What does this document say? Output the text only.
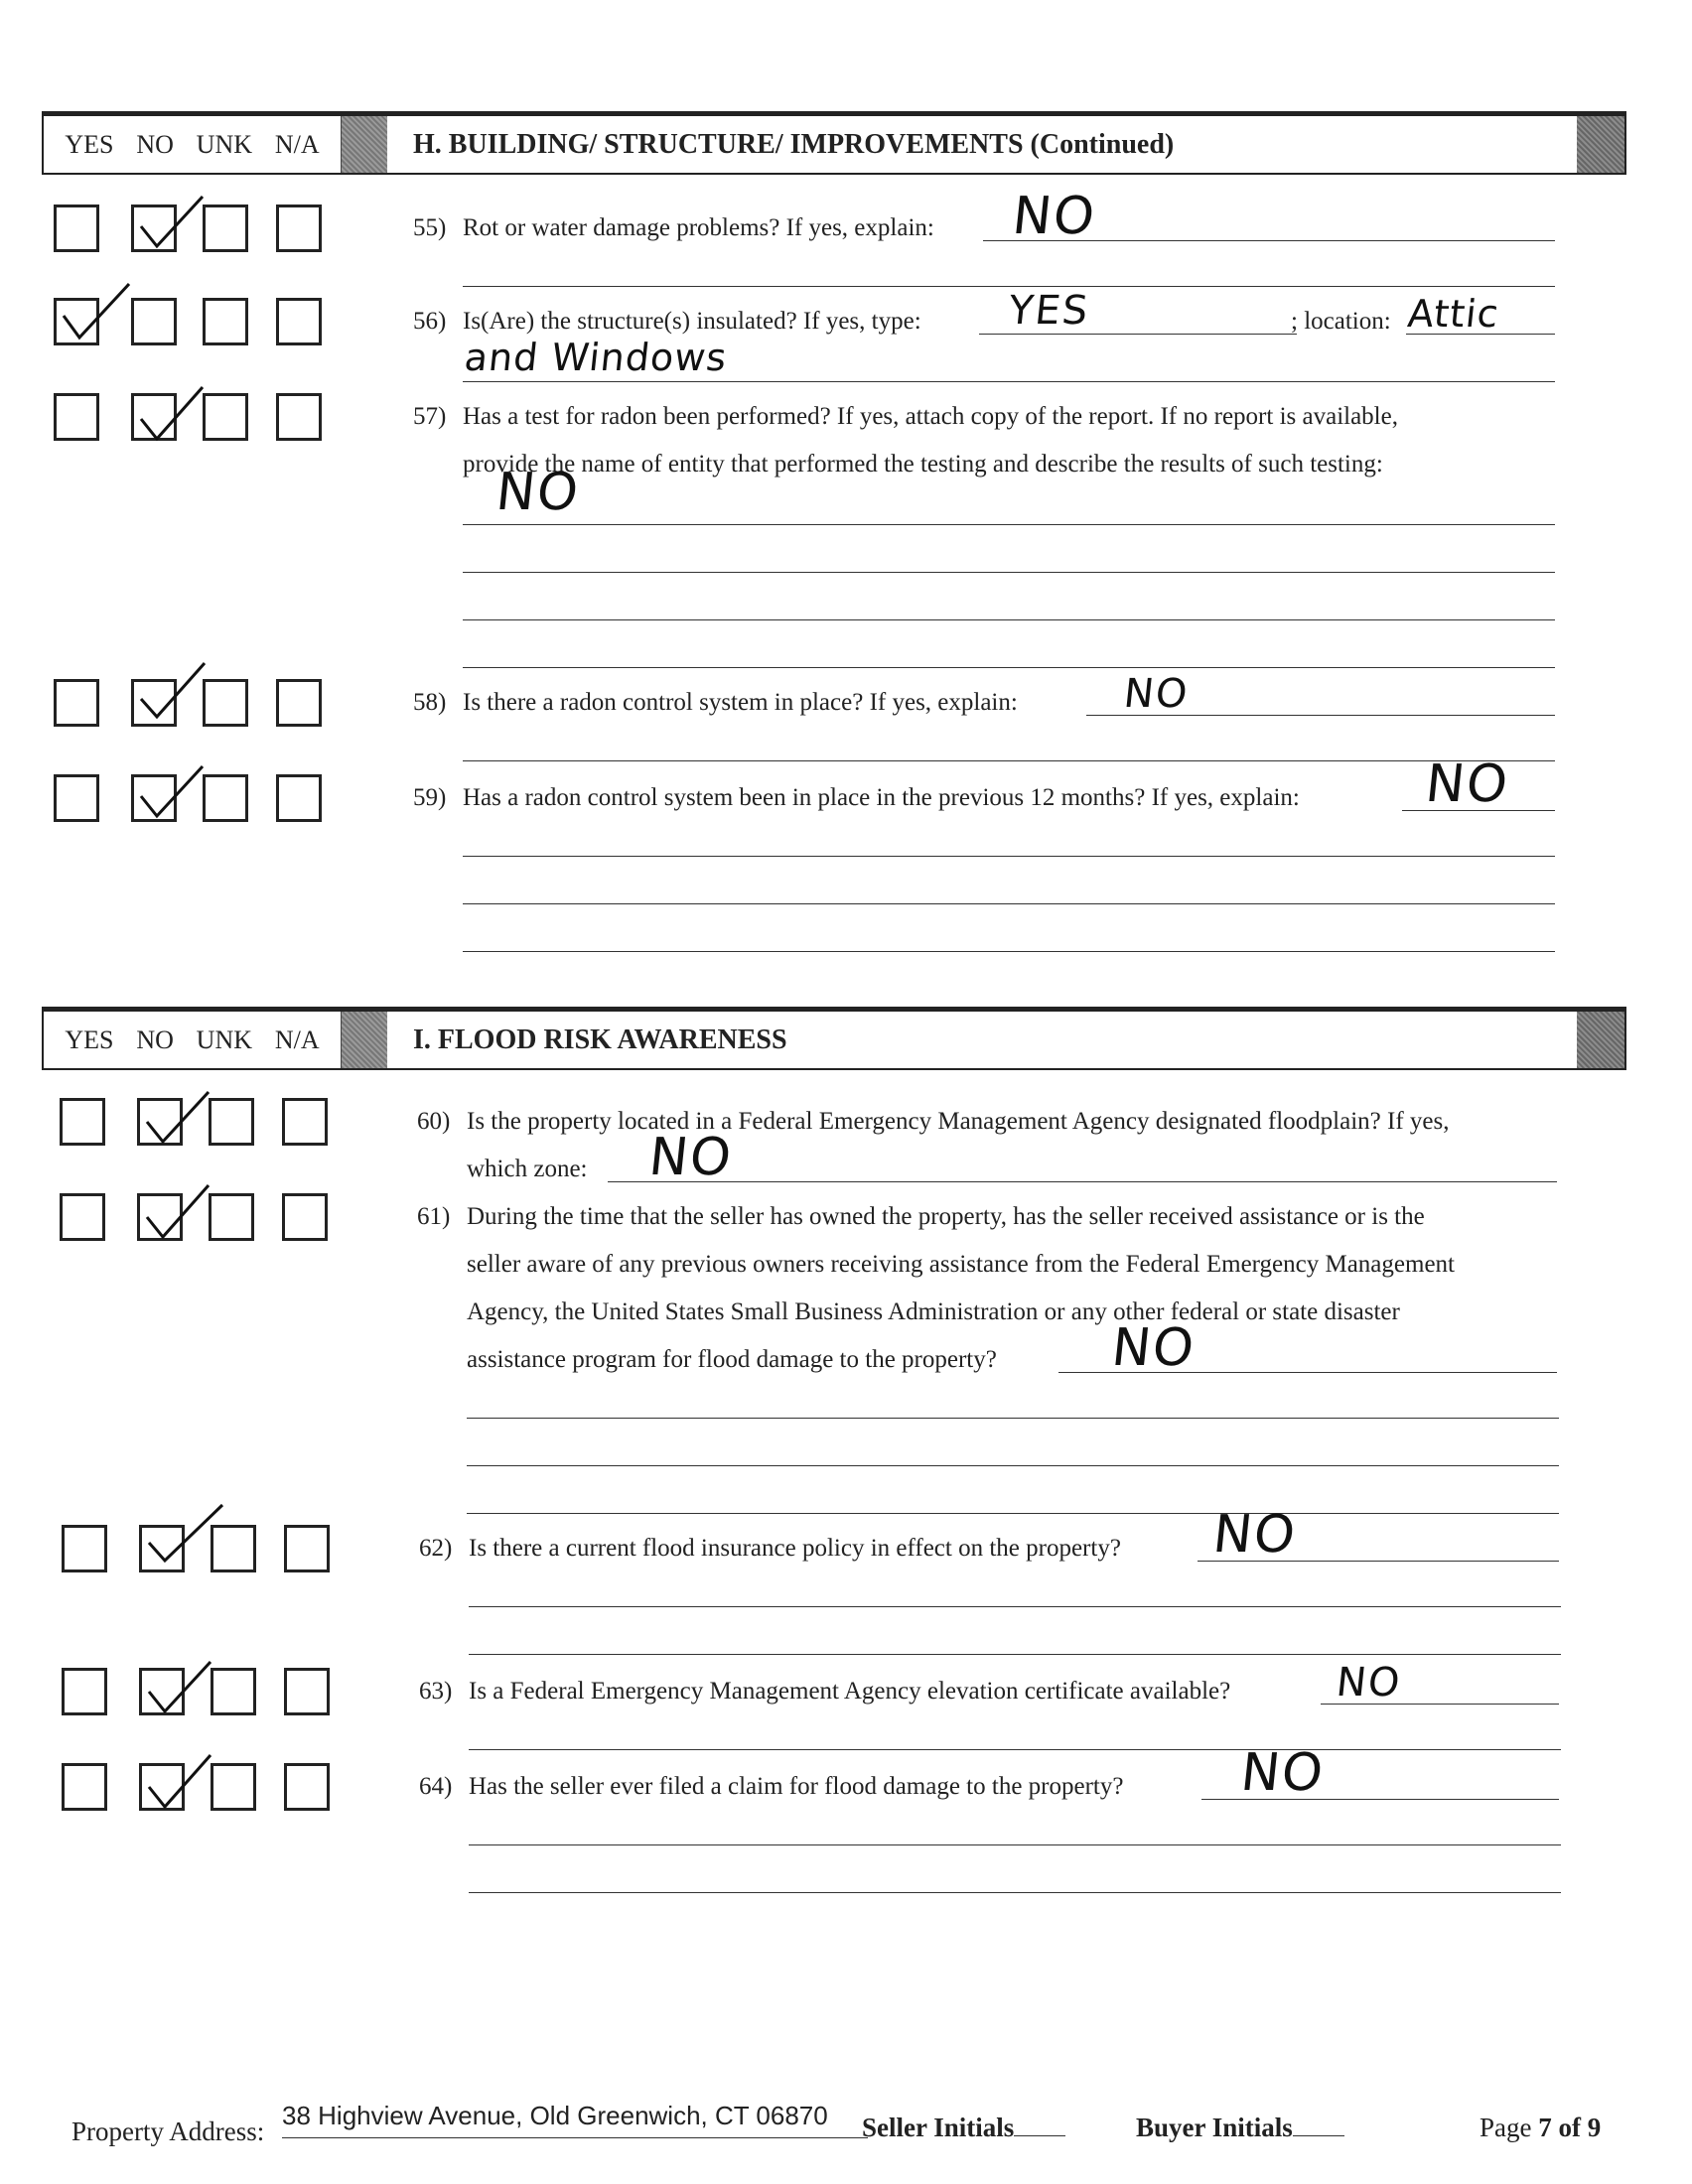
YES NO UNK N/A	H. BUILDING/ STRUCTURE/ IMPROVEMENTS (Continued)
55) Rot or water damage problems? If yes, explain:	NO
56) Is(Are) the structure(s) insulated? If yes, type:	YES	; location: Attic
and Windows
57) Has a test for radon been performed? If yes, attach copy of the report. If no report is available,
provide the name of entity that performed the testing and describe the results of such testing:
NO
58) Is there a radon control system in place? If yes, explain:	NO
59) Has a radon control system been in place in the previous 12 months? If yes, explain:	NO
YES NO UNK N/A	I. FLOOD RISK AWARENESS
60) Is the property located in a Federal Emergency Management Agency designated floodplain? If yes,
which zone:	NO
61) During the time that the seller has owned the property, has the seller received assistance or is the
seller aware of any previous owners receiving assistance from the Federal Emergency Management
Agency, the United States Small Business Administration or any other federal or state disaster
assistance program for flood damage to the property?	NO
62) Is there a current flood insurance policy in effect on the property?	NO
63) Is a Federal Emergency Management Agency elevation certificate available?	NO
64) Has the seller ever filed a claim for flood damage to the property?	NO
Property Address:
38 Highview Avenue, Old Greenwich, CT 06870	Seller Initials	Buyer Initials	Page 7 of 9
